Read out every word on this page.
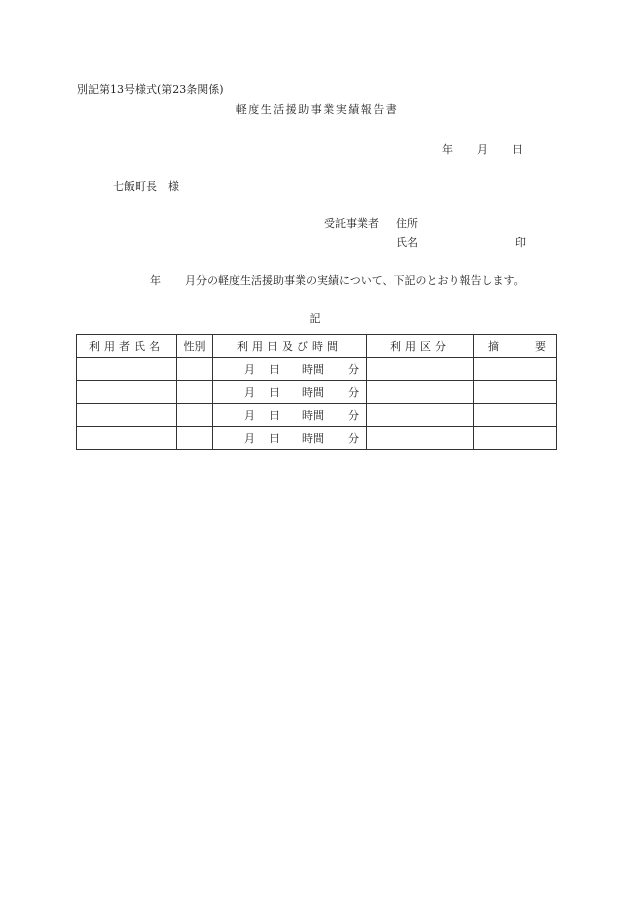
別記第13号様式(第23条関係)
軽度生活援助事業実績報告書
年 月 日
七飯町長 様
受託事業者 住所
氏名	印
年 月分の軽度生活援助事業の実績について、下記のとおり報告します。
記
利用者氏名	性別	利用日及び時間	利用区分	摘 要

		月 日 時間 分		

		月 日 時間 分		

		月 日 時間 分		

		月 日 時間 分		
